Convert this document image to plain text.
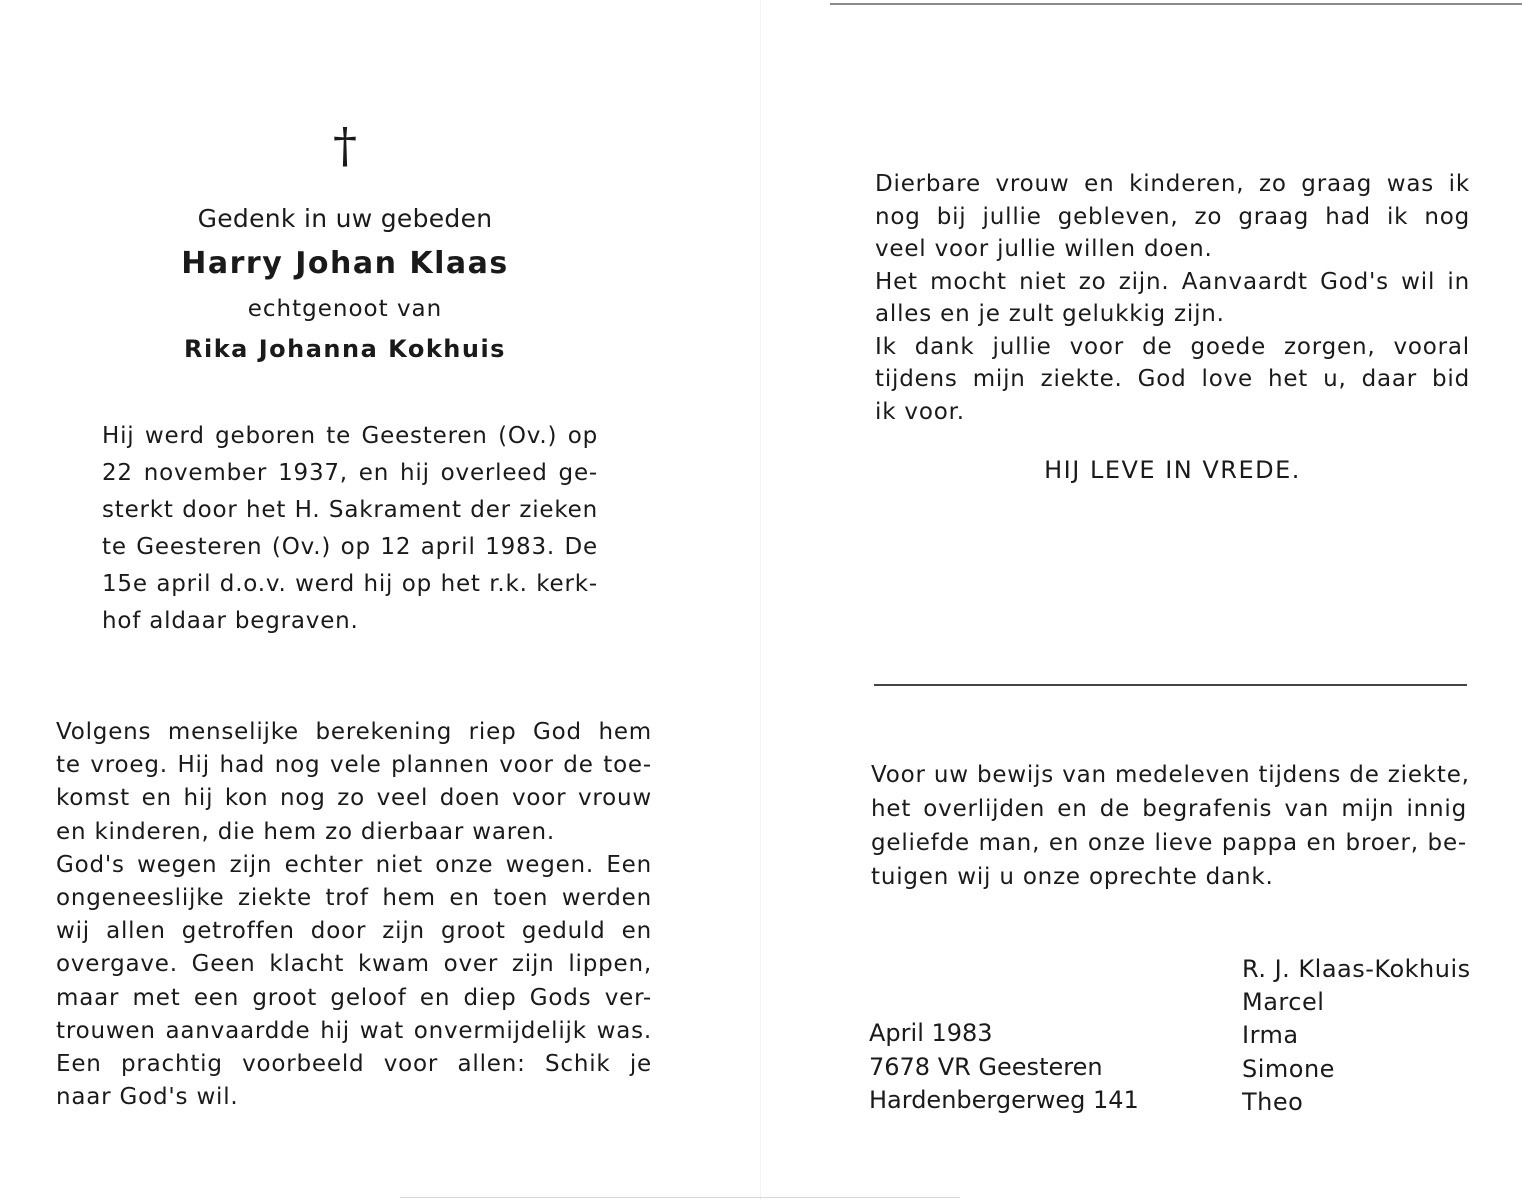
†
Gedenk in uw gebeden
Harry Johan Klaas
echtgenoot van
Rika Johanna Kokhuis
Hij werd geboren te Geesteren (Ov.) op
22 november 1937, en hij overleed ge-
sterkt door het H. Sakrament der zieken
te Geesteren (Ov.) op 12 april 1983. De
15e april d.o.v. werd hij op het r.k. kerk-
hof aldaar begraven.
Volgens menselijke berekening riep God hem
te vroeg. Hij had nog vele plannen voor de toe-
komst en hij kon nog zo veel doen voor vrouw
en kinderen, die hem zo dierbaar waren.
God's wegen zijn echter niet onze wegen. Een
ongeneeslijke ziekte trof hem en toen werden
wij allen getroffen door zijn groot geduld en
overgave. Geen klacht kwam over zijn lippen,
maar met een groot geloof en diep Gods ver-
trouwen aanvaardde hij wat onvermijdelijk was.
Een prachtig voorbeeld voor allen: Schik je
naar God's wil.
Dierbare vrouw en kinderen, zo graag was ik
nog bij jullie gebleven, zo graag had ik nog
veel voor jullie willen doen.
Het mocht niet zo zijn. Aanvaardt God's wil in
alles en je zult gelukkig zijn.
Ik dank jullie voor de goede zorgen, vooral
tijdens mijn ziekte. God love het u, daar bid
ik voor.
HIJ LEVE IN VREDE.
Voor uw bewijs van medeleven tijdens de ziekte,
het overlijden en de begrafenis van mijn innig
geliefde man, en onze lieve pappa en broer, be-
tuigen wij u onze oprechte dank.
April 1983
7678 VR Geesteren
Hardenbergerweg 141
R. J. Klaas-Kokhuis
Marcel
Irma
Simone
Theo
